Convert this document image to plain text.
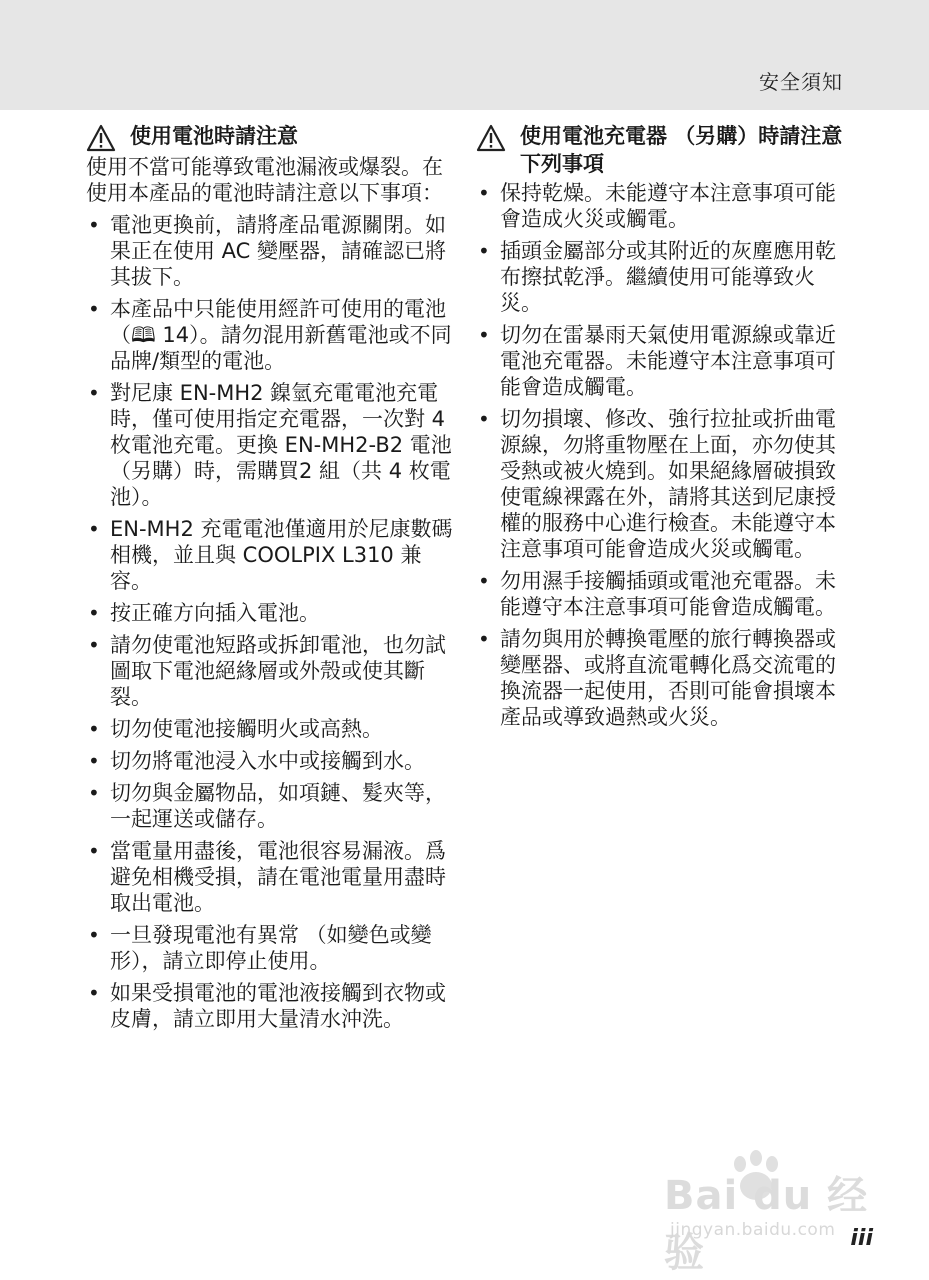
安全須知
使用電池時請注意

使用不當可能導致電池漏液或爆裂。在使用本產品的電池時請注意以下事項：

• 電池更換前，請將產品電源關閉。如果正在使用 AC 變壓器，請確認已將其拔下。
• 本產品中只能使用經許可使用的電池 （🕮 14）。請勿混用新舊電池或不同品牌/類型的電池。
• 對尼康 EN-MH2 鎳氫充電電池充電時，僅可使用指定充電器，一次對 4 枚電池充電。更換 EN-MH2-B2 電池 （另購）時，需購買2 組（共 4 枚電池）。
• EN-MH2 充電電池僅適用於尼康數碼相機，並且與 COOLPIX L310 兼容。
• 按正確方向插入電池。
• 請勿使電池短路或拆卸電池，也勿試圖取下電池絕緣層或外殼或使其斷裂。
• 切勿使電池接觸明火或高熱。
• 切勿將電池浸入水中或接觸到水。
• 切勿與金屬物品，如項鏈、髮夾等，一起運送或儲存。
• 當電量用盡後，電池很容易漏液。爲避免相機受損，請在電池電量用盡時取出電池。
• 一旦發現電池有異常 （如變色或變形），請立即停止使用。
• 如果受損電池的電池液接觸到衣物或皮膚，請立即用大量清水沖洗。
使用電池充電器 （另購）時請注意下列事項
• 保持乾燥。未能遵守本注意事項可能會造成火災或觸電。
• 插頭金屬部分或其附近的灰塵應用乾布擦拭乾淨。繼續使用可能導致火災。
• 切勿在雷暴雨天氣使用電源線或靠近電池充電器。未能遵守本注意事項可能會造成觸電。
• 切勿損壞、修改、強行拉扯或折曲電源線，勿將重物壓在上面，亦勿使其受熱或被火燒到。如果絕緣層破損致使電線裸露在外，請將其送到尼康授權的服務中心進行檢查。未能遵守本注意事項可能會造成火災或觸電。
• 勿用濕手接觸插頭或電池充電器。未能遵守本注意事項可能會造成觸電。
• 請勿與用於轉換電壓的旅行轉換器或變壓器、或將直流電轉化爲交流電的換流器一起使用，否則可能會損壞本產品或導致過熱或火災。
Bai du 经验
jingyan.baidu.com iii
